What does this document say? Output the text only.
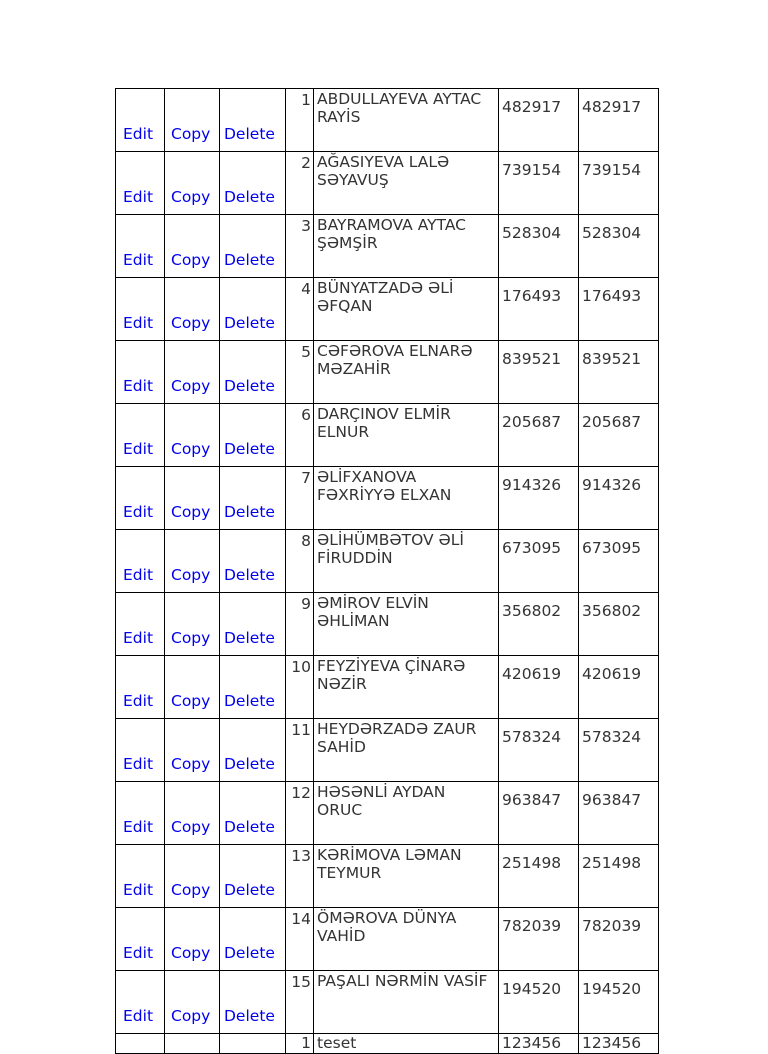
Edit	Copy	Delete	1	ABDULLAYEVA AYTAC RAYİS	482917	482917
Edit	Copy	Delete	2	AĞASIYEVA LALƏ SƏYAVUŞ	739154	739154
Edit	Copy	Delete	3	BAYRAMOVA AYTAC ŞƏMŞİR	528304	528304
Edit	Copy	Delete	4	BÜNYATZADƏ ƏLİ ƏFQAN	176493	176493
Edit	Copy	Delete	5	CƏFƏROVA ELNARƏ MƏZAHİR	839521	839521
Edit	Copy	Delete	6	DARÇINOV ELMİR ELNUR	205687	205687
Edit	Copy	Delete	7	ƏLİFXANOVA FƏXRİYYƏ ELXAN	914326	914326
Edit	Copy	Delete	8	ƏLİHÜMBƏTOV ƏLİ FİRUDDİN	673095	673095
Edit	Copy	Delete	9	ƏMİROV ELVİN ƏHLİMAN	356802	356802
Edit	Copy	Delete	10	FEYZİYEVA ÇİNARƏ NƏZİR	420619	420619
Edit	Copy	Delete	11	HEYDƏRZADƏ ZAUR SAHİD	578324	578324
Edit	Copy	Delete	12	HƏSƏNLİ AYDAN ORUC	963847	963847
Edit	Copy	Delete	13	KƏRİMOVA LƏMAN TEYMUR	251498	251498
Edit	Copy	Delete	14	ÖMƏROVA DÜNYA VAHİD	782039	782039
Edit	Copy	Delete	15	PAŞALI NƏRMİN VASİF	194520	194520
			1	teset	123456	123456
